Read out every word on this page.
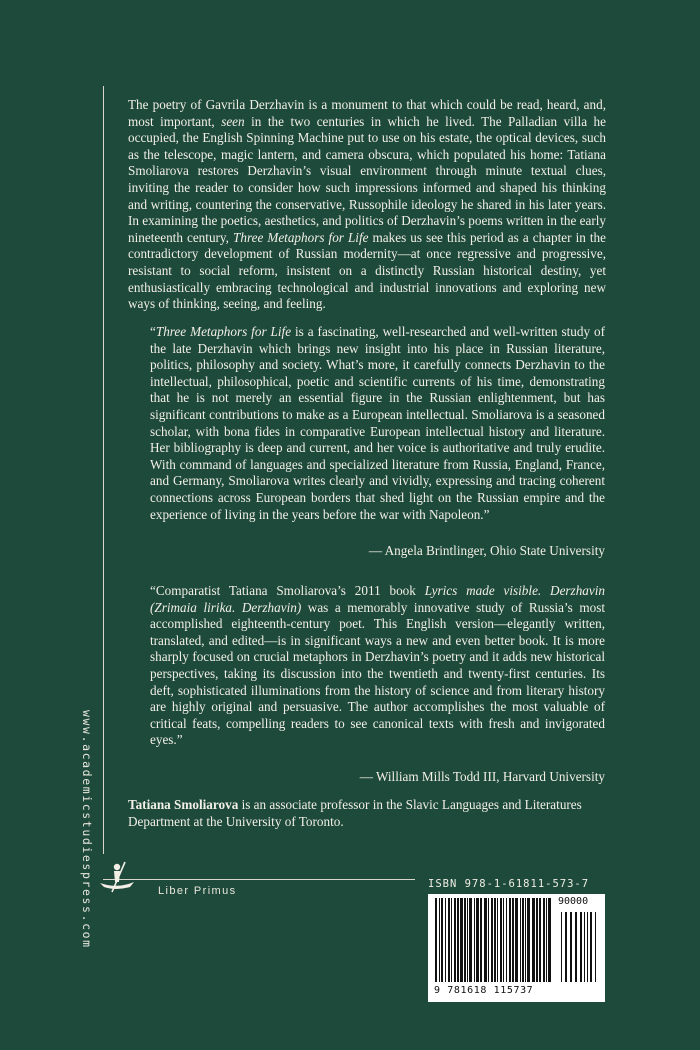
www.academicstudiespress.com

The poetry of Gavrila Derzhavin is a monument to that which could be read, heard, and, most important, seen in the two centuries in which he lived. The Palladian villa he occupied, the English Spinning Machine put to use on his estate, the optical devices, such as the telescope, magic lantern, and camera obscura, which populated his home: Tatiana Smoliarova restores Derzhavin’s visual environment through minute textual clues, inviting the reader to consider how such impressions informed and shaped his thinking and writing, countering the conservative, Russophile ideology he shared in his later years. In examining the poetics, aesthetics, and politics of Derzhavin’s poems written in the early nineteenth century, Three Metaphors for Life makes us see this period as a chapter in the contradictory development of Russian modernity—at once regressive and progressive, resistant to social reform, insistent on a distinctly Russian historical destiny, yet enthusiastically embracing technological and industrial innovations and exploring new ways of thinking, seeing, and feeling.

“Three Metaphors for Life is a fascinating, well-researched and well-written study of the late Derzhavin which brings new insight into his place in Russian literature, politics, philosophy and society. What’s more, it carefully connects Derzhavin to the intellectual, philosophical, poetic and scientific currents of his time, demonstrating that he is not merely an essential figure in the Russian enlightenment, but has significant contributions to make as a European intellectual. Smoliarova is a seasoned scholar, with bona fides in comparative European intellectual history and literature. Her bibliography is deep and current, and her voice is authoritative and truly erudite. With command of languages and specialized literature from Russia, England, France, and Germany, Smoliarova writes clearly and vividly, expressing and tracing coherent connections across European borders that shed light on the Russian empire and the experience of living in the years before the war with Napoleon.”

— Angela Brintlinger, Ohio State University

“Comparatist Tatiana Smoliarova’s 2011 book Lyrics made visible. Derzhavin (Zrimaia lirika. Derzhavin) was a memorably innovative study of Russia’s most accomplished eighteenth-century poet. This English version—elegantly written, translated, and edited—is in significant ways a new and even better book. It is more sharply focused on crucial metaphors in Derzhavin’s poetry and it adds new historical perspectives, taking its discussion into the twentieth and twenty-first centuries. Its deft, sophisticated illuminations from the history of science and from literary history are highly original and persuasive. The author accomplishes the most valuable of critical feats, compelling readers to see canonical texts with fresh and invigorated eyes.”

— William Mills Todd III, Harvard University

Tatiana Smoliarova is an associate professor in the Slavic Languages and Literatures Department at the University of Toronto.

Liber Primus
ISBN 978-1-61811-573-7
90000
9 781618 115737
